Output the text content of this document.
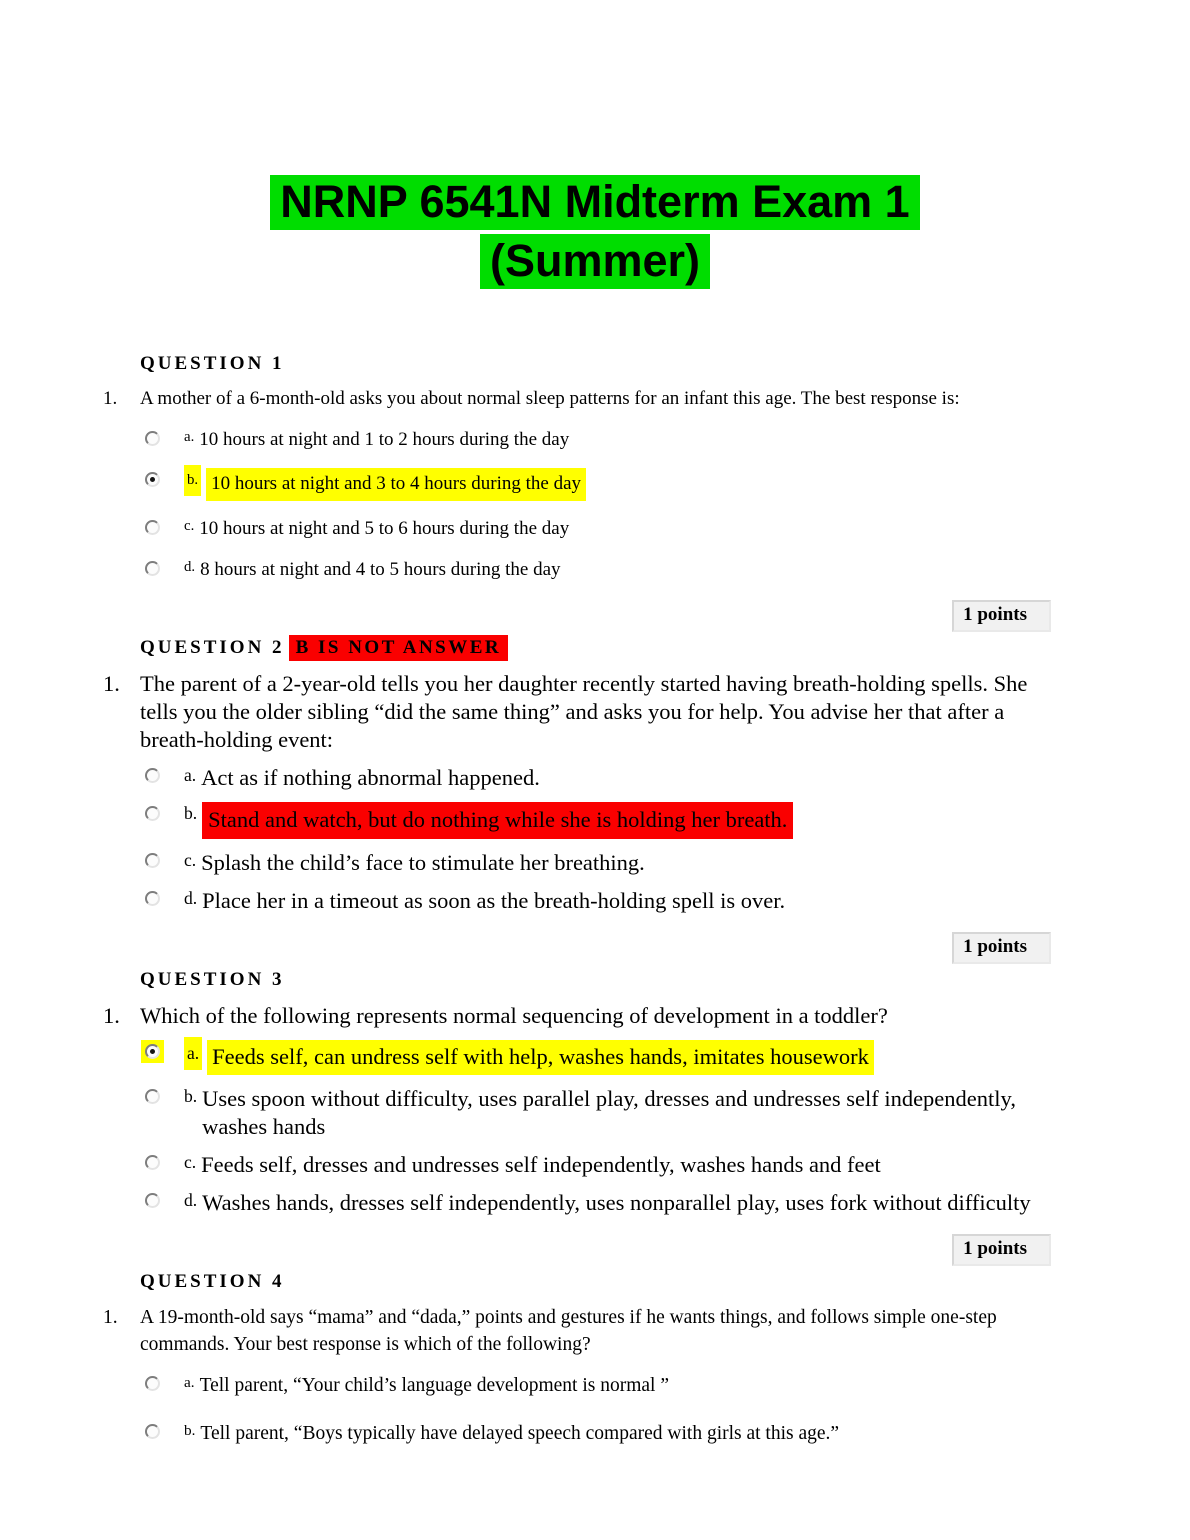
NRNP 6541N Midterm Exam 1
(Summer)
QUESTION 1
1.	A mother of a 6-month-old asks you about normal sleep patterns for an infant this age. The best response is:

a. 10 hours at night and 1 to 2 hours during the day
b. 10 hours at night and 3 to 4 hours during the day
c. 10 hours at night and 5 to 6 hours during the day
d. 8 hours at night and 4 to 5 hours during the day
1 points
QUESTION 2 B IS NOT ANSWER
1. The parent of a 2-year-old tells you her daughter recently started having breath-holding spells. She tells you the older sibling “did the same thing” and asks you for help. You advise her that after a breath-holding event:

a. Act as if nothing abnormal happened.
b. Stand and watch, but do nothing while she is holding her breath.
c. Splash the child’s face to stimulate her breathing.
d. Place her in a timeout as soon as the breath-holding spell is over.
1 points
QUESTION 3
1. Which of the following represents normal sequencing of development in a toddler?

a. Feeds self, can undress self with help, washes hands, imitates housework
b. Uses spoon without difficulty, uses parallel play, dresses and undresses self independently, washes hands
c. Feeds self, dresses and undresses self independently, washes hands and feet
d. Washes hands, dresses self independently, uses nonparallel play, uses fork without difficulty
1 points
QUESTION 4
1.	A 19-month-old says “mama” and “dada,” points and gestures if he wants things, and follows simple one-step commands. Your best response is which of the following?

a. Tell parent, “Your child’s language development is normal ”
b. Tell parent, “Boys typically have delayed speech compared with girls at this age.”
